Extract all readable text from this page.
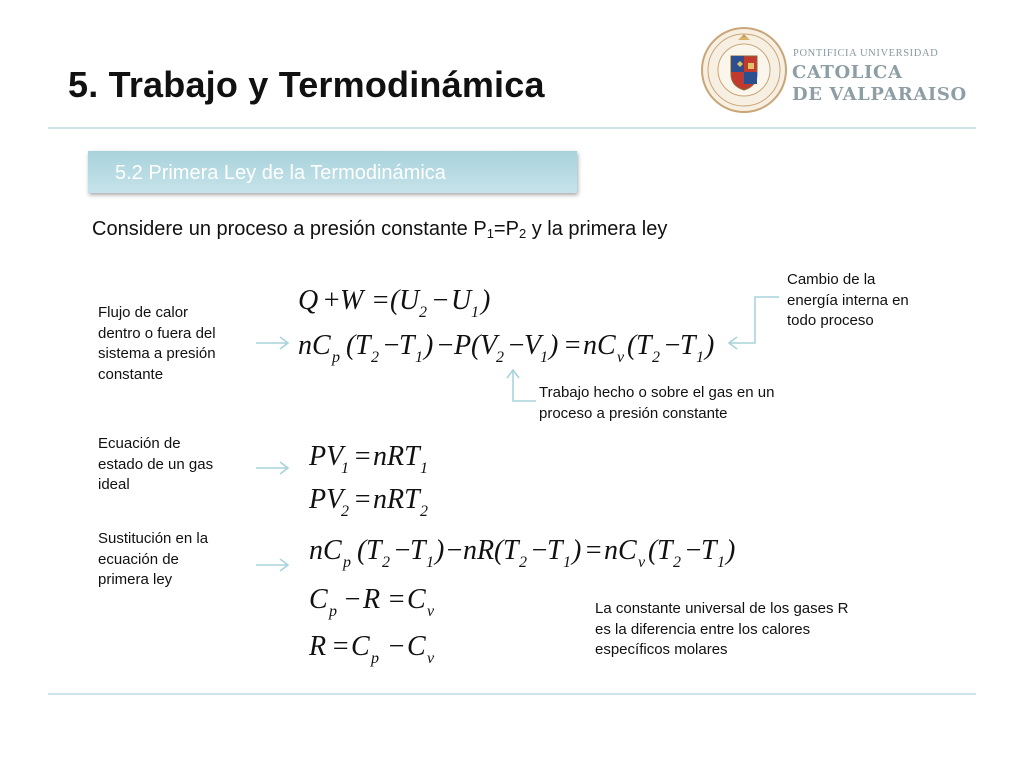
5. Trabajo y Termodinámica
✦
PONTIFICIA UNIVERSIDAD
CATOLICA
DE VALPARAISO
5.2 Primera Ley de la Termodinámica
Considere un proceso a presión constante $P_1=P_2$ y la primera ley
Flujo de calor
dentro o fuera del
sistema a presión
constante
Cambio de la
energía interna en
todo proceso
Trabajo hecho o sobre el gas en un
proceso a presión constante
Ecuación de
estado de un gas
ideal
Sustitución en la
ecuación de
primera ley
La constante universal de los gases R
es la diferencia entre los calores
específicos molares
Q + W = ( U 2 − U 1 )
nC p ( T 2 −
T 1 ) − P ( V
2 −
V
1 ) = nC v ( T 2 −
T 1 )
PV
1 = nRT 1
PV
2 = nRT 2
nC p ( T 2 −
T 1 ) − nR ( T 2 −
T 1 ) = nC v ( T 2 −
T 1 )
C p − R = C v
R = C p − C v
